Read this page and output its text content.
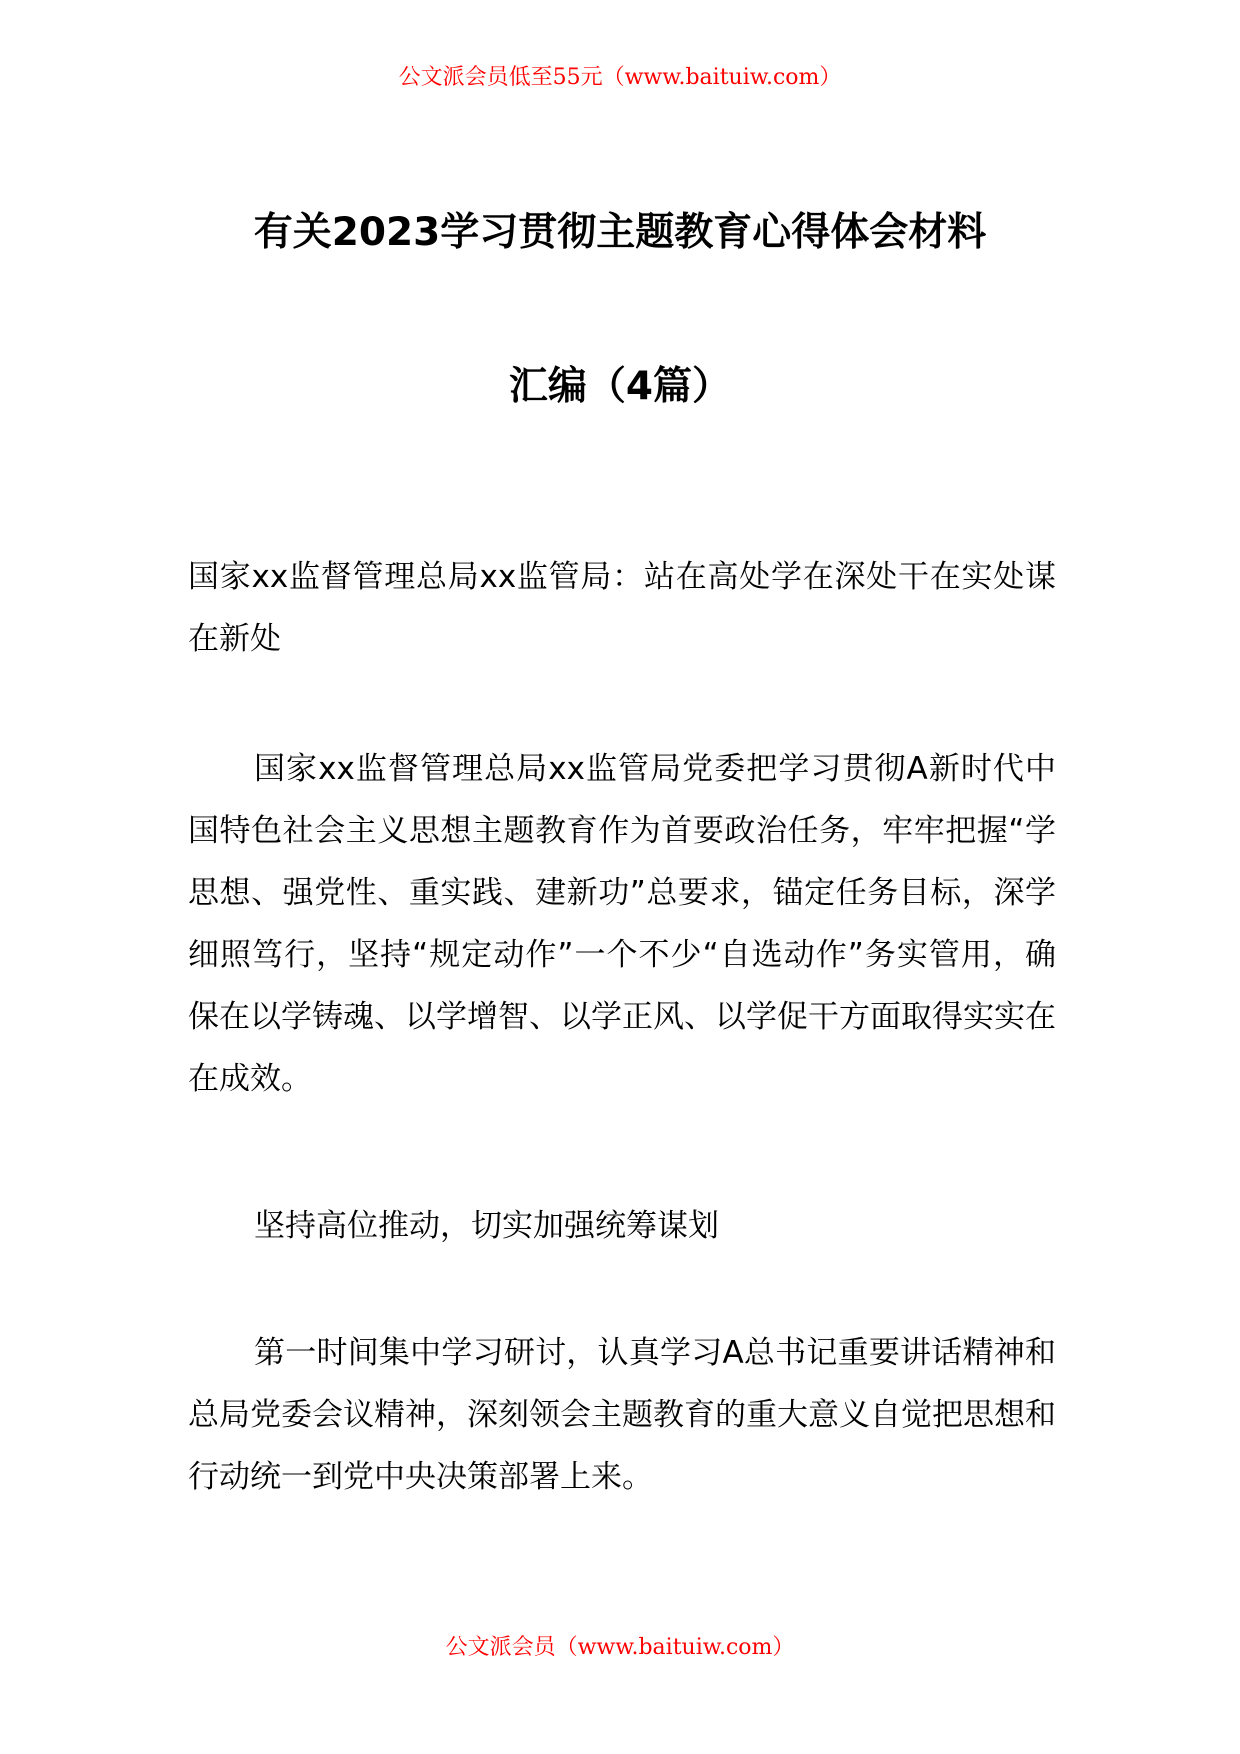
公文派会员低至55元（www.baituiw.com）
有关2023学习贯彻主题教育心得体会材料
汇编（4篇）
国家xx监督管理总局xx监管局：站在高处学在深处干在实处谋在新处
国家xx监督管理总局xx监管局党委把学习贯彻A新时代中国特色社会主义思想主题教育作为首要政治任务，牢牢把握“学思想、强党性、重实践、建新功”总要求，锚定任务目标，深学细照笃行，坚持“规定动作”一个不少“自选动作”务实管用，确保在以学铸魂、以学增智、以学正风、以学促干方面取得实实在在成效。
坚持高位推动，切实加强统筹谋划
第一时间集中学习研讨，认真学习A总书记重要讲话精神和总局党委会议精神，深刻领会主题教育的重大意义自觉把思想和行动统一到党中央决策部署上来。
公文派会员（www.baituiw.com）
